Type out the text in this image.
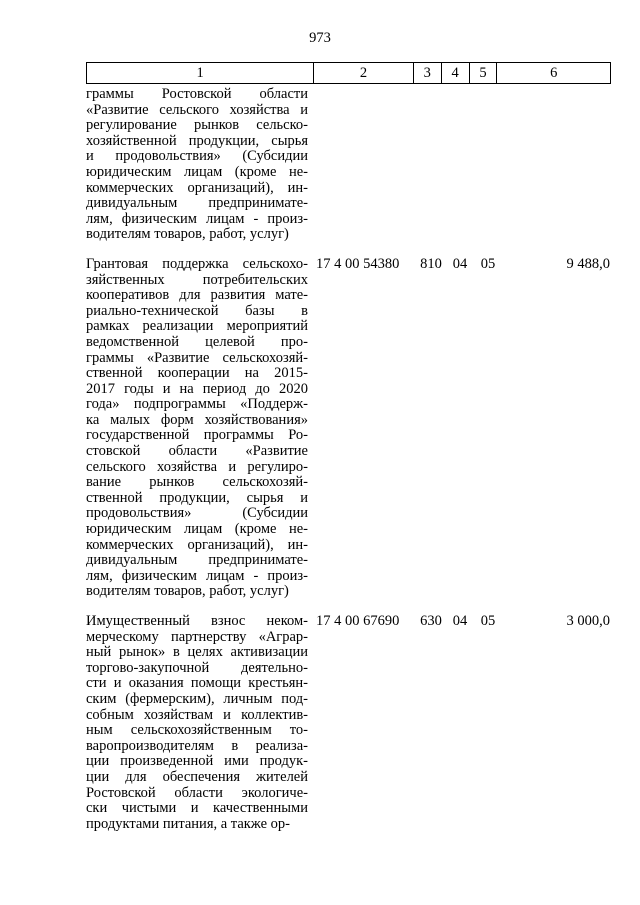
973
1	2	3	4	5	6
граммы Ростовской области
«Развитие сельского хозяйства и
регулирование рынков сельско-
хозяйственной продукции, сырья
и продовольствия» (Субсидии
юридическим лицам (кроме не-
коммерческих организаций), ин-
дивидуальным предпринимате-
лям, физическим лицам - произ-
водителям товаров, работ, услуг)
Грантовая поддержка сельскохо-
зяйственных потребительских
кооперативов для развития мате-
риально-технической базы в
рамках реализации мероприятий
ведомственной целевой про-
граммы «Развитие сельскохозяй-
ственной кооперации на 2015-
2017 годы и на период до 2020
года» подпрограммы «Поддерж-
ка малых форм хозяйствования»
государственной программы Ро-
стовской области «Развитие
сельского хозяйства и регулиро-
вание рынков сельскохозяй-
ственной продукции, сырья и
продовольствия» (Субсидии
юридическим лицам (кроме не-
коммерческих организаций), ин-
дивидуальным предпринимате-
лям, физическим лицам - произ-
водителям товаров, работ, услуг)
17 4 00 54380	810 04 05	9 488,0
Имущественный взнос неком-
мерческому партнерству «Аграр-
ный рынок» в целях активизации
торгово-закупочной деятельно-
сти и оказания помощи крестьян-
ским (фермерским), личным под-
собным хозяйствам и коллектив-
ным сельскохозяйственным то-
варопроизводителям в реализа-
ции произведенной ими продук-
ции для обеспечения жителей
Ростовской области экологиче-
ски чистыми и качественными
продуктами питания, а также ор-
17 4 00 67690	630 04 05	3 000,0
